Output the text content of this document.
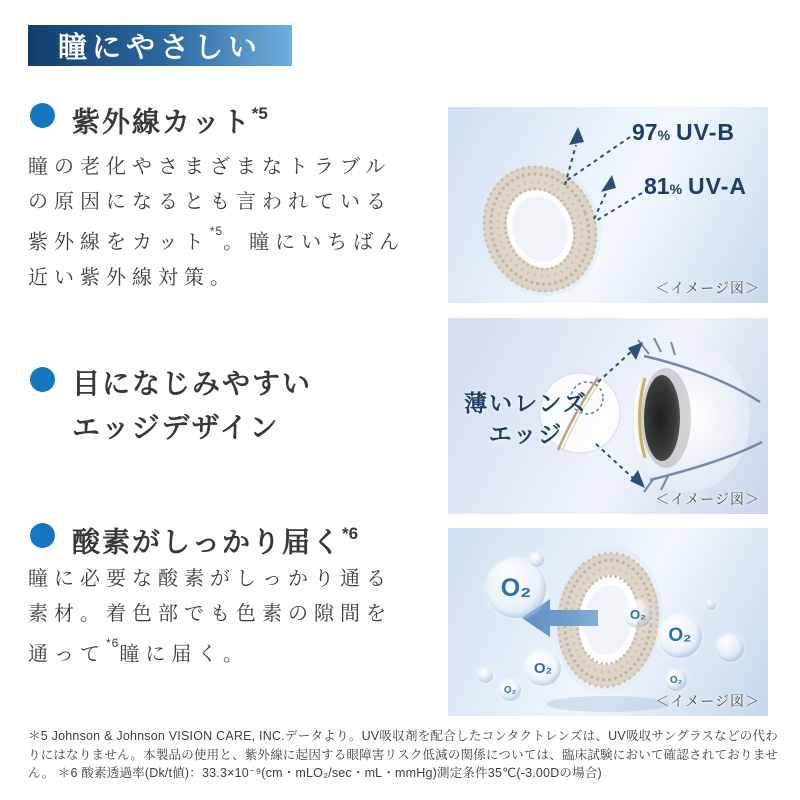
瞳にやさしい
紫外線カット$^{*5}$
瞳の老化やさまざまなトラブル
の原因になるとも言われている
紫外線をカット$^{*5}$。瞳にいちばん
近い紫外線対策。
97% UV-B
81% UV-A
＜イメージ図＞
目になじみやすい
エッジデザイン
薄いレンズ
エッジ
＜イメージ図＞
酸素がしっかり届く$^{*6}$
瞳に必要な酸素がしっかり通る
素材。着色部でも色素の隙間を
通って$^{*6}$瞳に届く。
O₂
O₂
O₂
O₂
O₂
O₂
＜イメージ図＞
＊5 Johnson & Johnson VISION CARE, INC.データより。UV吸収剤を配合したコンタクトレンズは、UV吸収サングラスなどの代わりにはなりません。本製品の使用と、紫外線に起因する眼障害リスク低減の関係については、臨床試験において確認されておりません。 ＊6 酸素透過率(Dk/t値)：33.3×10⁻⁹(cm・mLO₂/sec・mL・mmHg)測定条件35℃(-3.00Dの場合)
